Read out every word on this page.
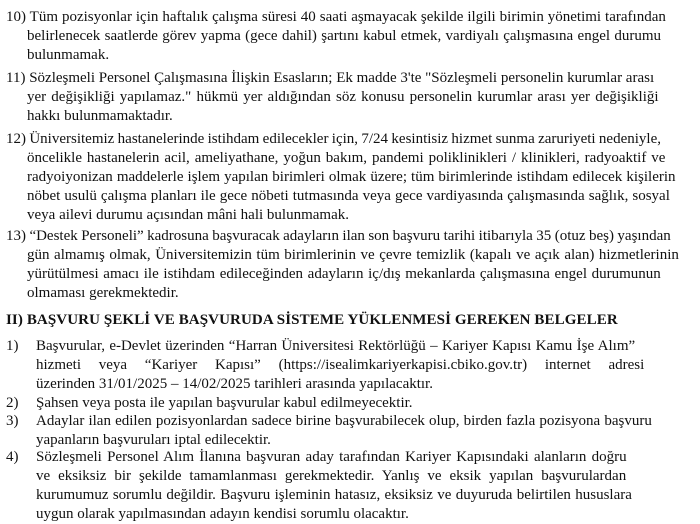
10) Tüm pozisyonlar için haftalık çalışma süresi 40 saati aşmayacak şekilde ilgili birimin yönetimi tarafından
belirlenecek saatlerde görev yapma (gece dahil) şartını kabul etmek, vardiyalı çalışmasına engel durumu
bulunmamak.
11) Sözleşmeli Personel Çalışmasına İlişkin Esasların; Ek madde 3'te "Sözleşmeli personelin kurumlar arası
yer değişikliği yapılamaz." hükmü yer aldığından söz konusu personelin kurumlar arası yer değişikliği
hakkı bulunmamaktadır.
12) Üniversitemiz hastanelerinde istihdam edilecekler için, 7/24 kesintisiz hizmet sunma zaruriyeti nedeniyle,
öncelikle hastanelerin acil, ameliyathane, yoğun bakım, pandemi poliklinikleri / klinikleri, radyoaktif ve
radyoiyonizan maddelerle işlem yapılan birimleri olmak üzere; tüm birimlerinde istihdam edilecek kişilerin
nöbet usulü çalışma planları ile gece nöbeti tutmasında veya gece vardiyasında çalışmasında sağlık, sosyal
veya ailevi durumu açısından mâni hali bulunmamak.
13) “Destek Personeli” kadrosuna başvuracak adayların ilan son başvuru tarihi itibarıyla 35 (otuz beş) yaşından
gün almamış olmak, Üniversitemizin tüm birimlerinin ve çevre temizlik (kapalı ve açık alan) hizmetlerinin
yürütülmesi amacı ile istihdam edileceğinden adayların iç/dış mekanlarda çalışmasına engel durumunun
olmaması gerekmektedir.
II) BAŞVURU ŞEKLİ VE BAŞVURUDA SİSTEME YÜKLENMESİ GEREKEN BELGELER
1) Başvurular, e-Devlet üzerinden “Harran Üniversitesi Rektörlüğü – Kariyer Kapısı Kamu İşe Alım”
hizmeti veya “Kariyer Kapısı” (https://isealimkariyerkapisi.cbiko.gov.tr) internet adresi
üzerinden 31/01/2025 – 14/02/2025 tarihleri arasında yapılacaktır.
2) Şahsen veya posta ile yapılan başvurular kabul edilmeyecektir.
3) Adaylar ilan edilen pozisyonlardan sadece birine başvurabilecek olup, birden fazla pozisyona başvuru
yapanların başvuruları iptal edilecektir.
4) Sözleşmeli Personel Alım İlanına başvuran aday tarafından Kariyer Kapısındaki alanların doğru
ve eksiksiz bir şekilde tamamlanması gerekmektedir. Yanlış ve eksik yapılan başvurulardan
kurumumuz sorumlu değildir. Başvuru işleminin hatasız, eksiksiz ve duyuruda belirtilen hususlara
uygun olarak yapılmasından adayın kendisi sorumlu olacaktır.
